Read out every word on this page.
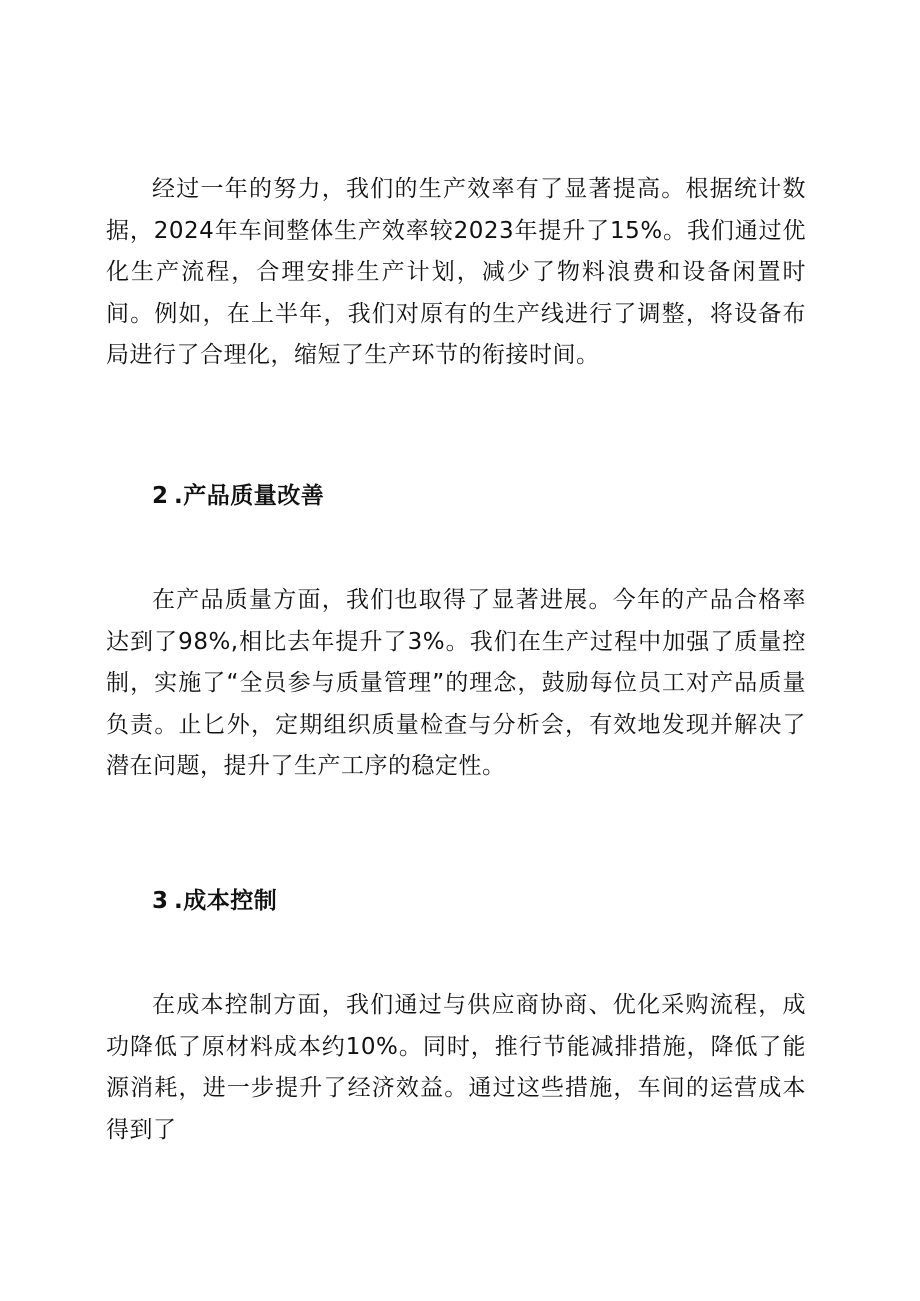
经过一年的努力，我们的生产效率有了显著提高。根据统计数据，2024年车间整体生产效率较2023年提升了15%。我们通过优化生产流程，合理安排生产计划，减少了物料浪费和设备闲置时间。例如，在上半年，我们对原有的生产线进行了调整，将设备布局进行了合理化，缩短了生产环节的衔接时间。

2 .产品质量改善

在产品质量方面，我们也取得了显著进展。今年的产品合格率达到了98%,相比去年提升了3%。我们在生产过程中加强了质量控制，实施了“全员参与质量管理”的理念，鼓励每位员工对产品质量负责。止匕外，定期组织质量检查与分析会，有效地发现并解决了潜在问题，提升了生产工序的稳定性。

3 .成本控制

在成本控制方面，我们通过与供应商协商、优化采购流程，成功降低了原材料成本约10%。同时，推行节能减排措施，降低了能源消耗，进一步提升了经济效益。通过这些措施，车间的运营成本得到了
